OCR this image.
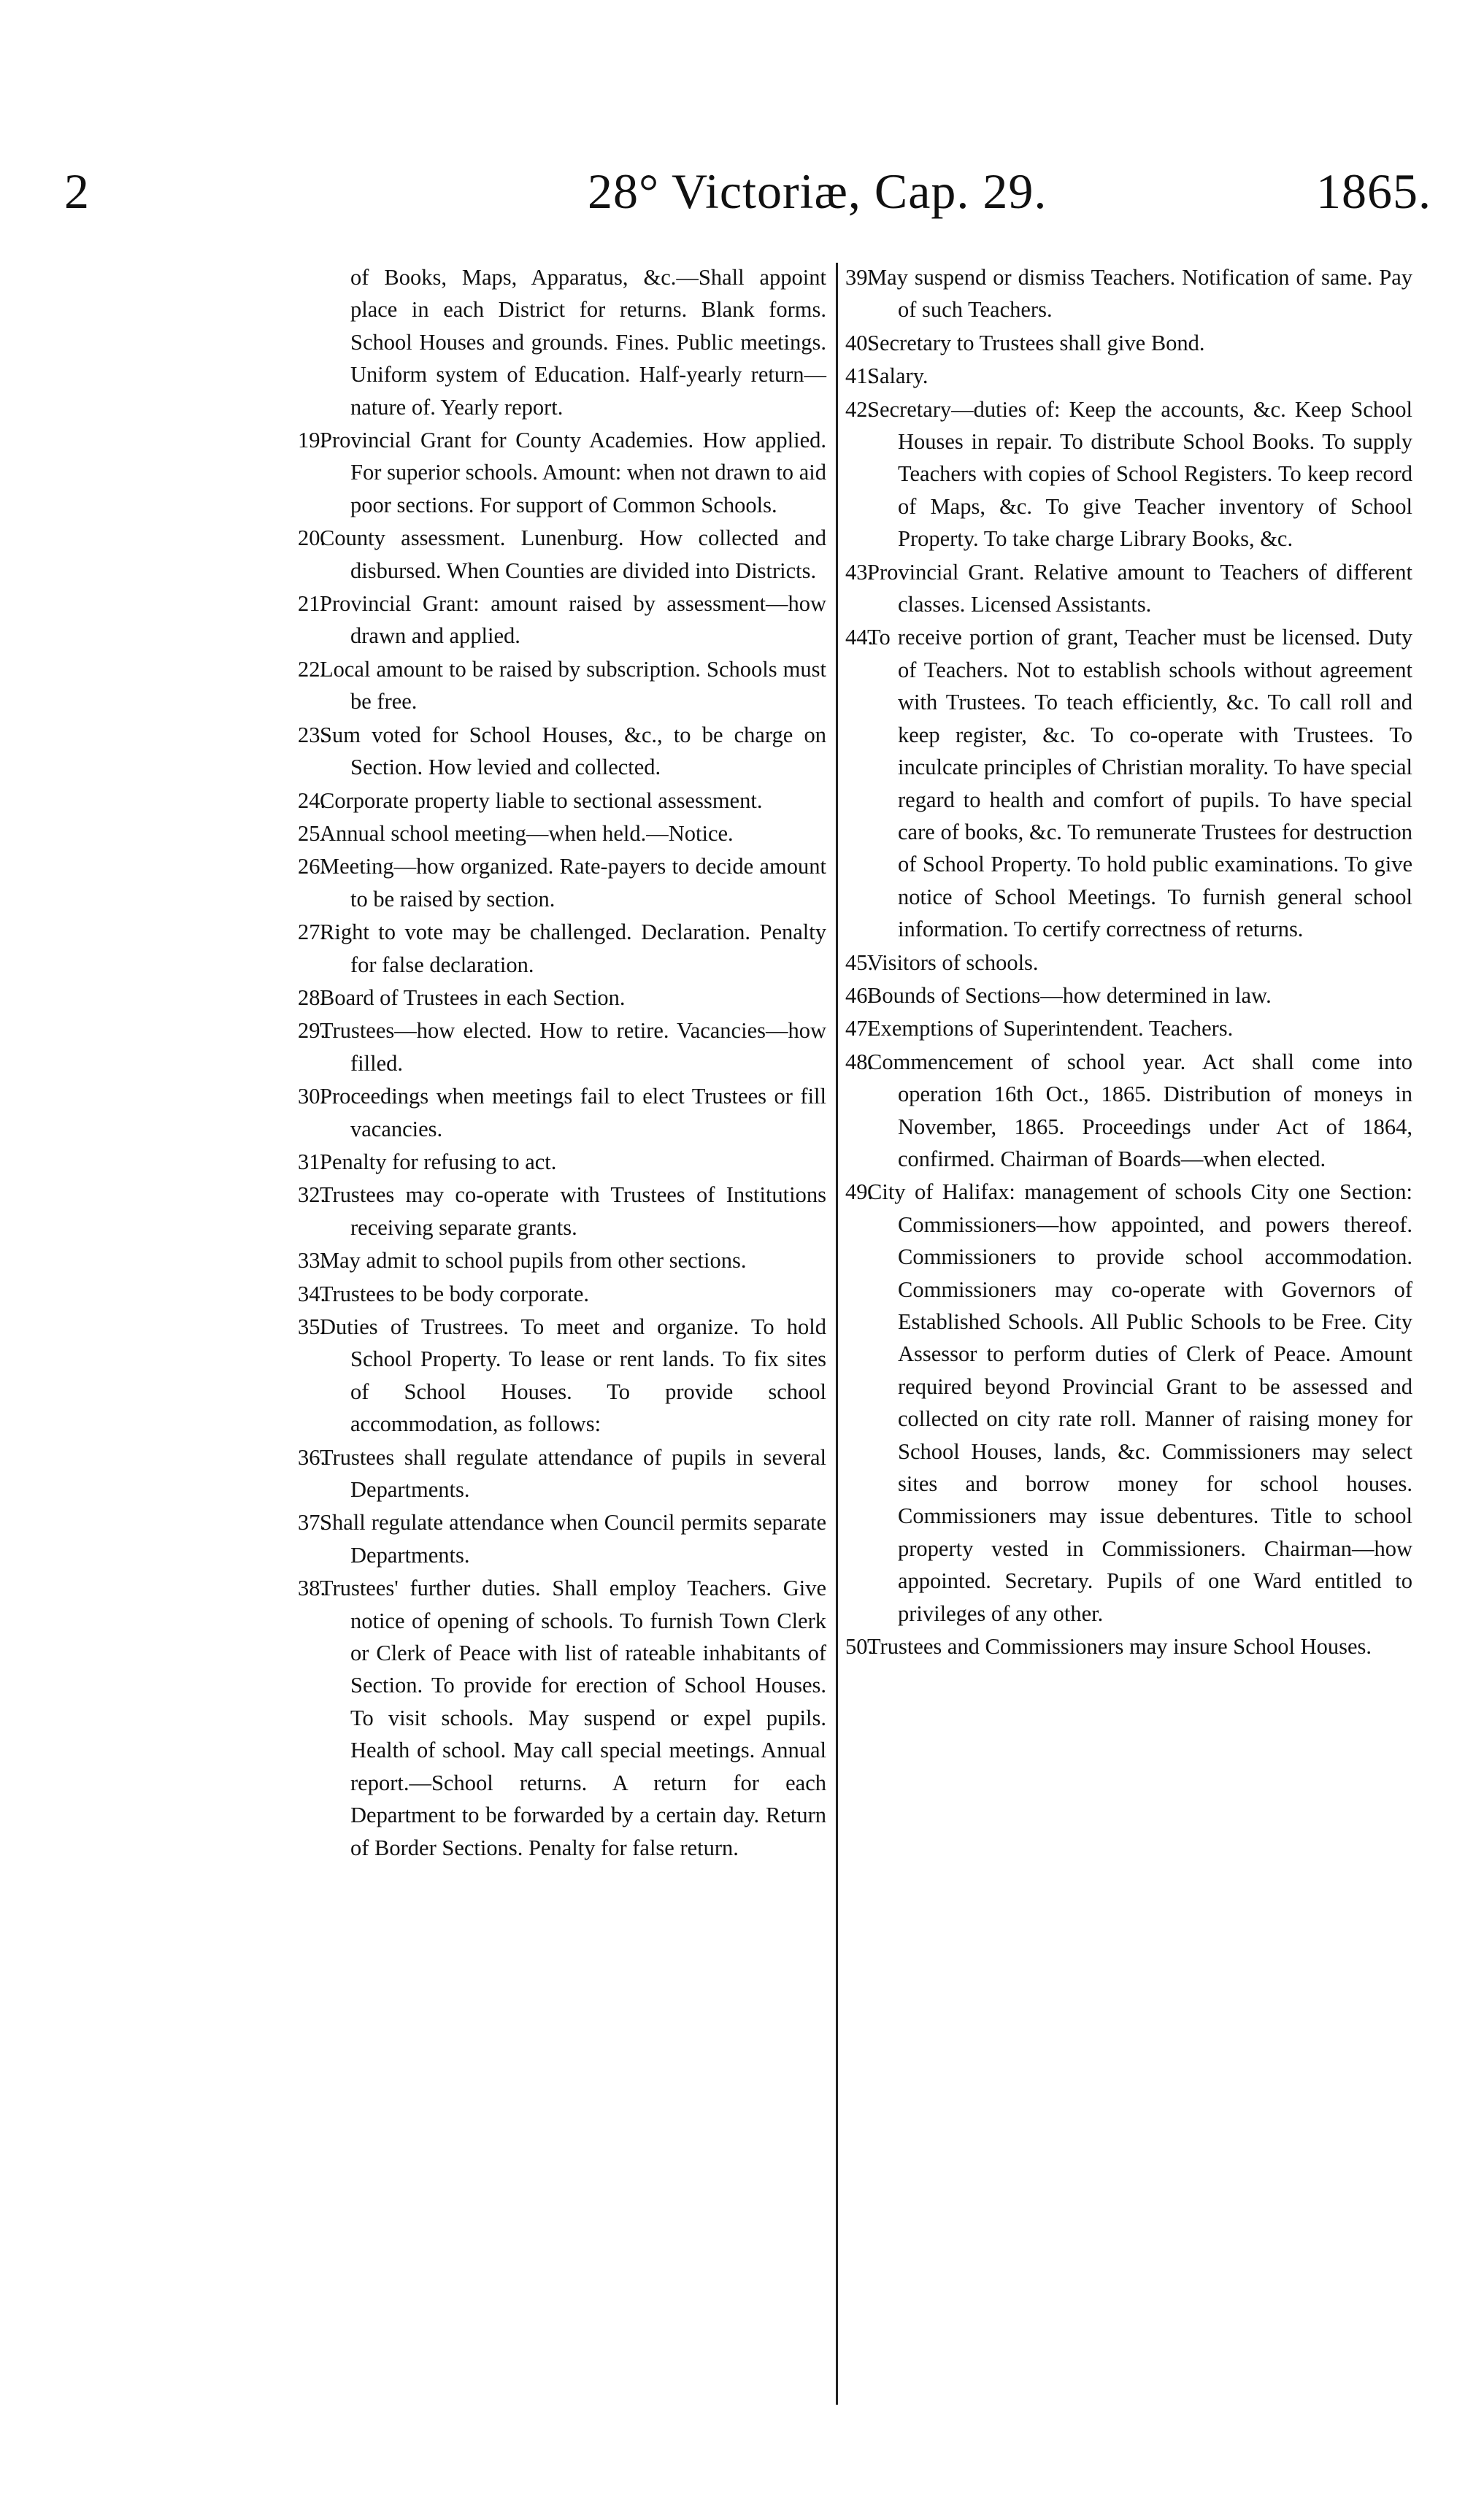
2	28° Victoriæ, Cap. 29.	1865.
of Books, Maps, Apparatus, &c.—Shall appoint place in each District for returns. Blank forms. School Houses and grounds. Fines. Public meetings. Uniform system of Education. Half-yearly return—nature of. Yearly report.
19.Provincial Grant for County Academies. How applied. For superior schools. Amount: when not drawn to aid poor sections. For support of Common Schools.
20.County assessment. Lunenburg. How collected and disbursed. When Counties are divided into Districts.
21.Provincial Grant: amount raised by assessment—how drawn and applied.
22.Local amount to be raised by subscription. Schools must be free.
23.Sum voted for School Houses, &c., to be charge on Section. How levied and collected.
24.Corporate property liable to sectional assessment.
25.Annual school meeting—when held.—Notice.
26.Meeting—how organized. Rate-payers to decide amount to be raised by section.
27.Right to vote may be challenged. Declaration. Penalty for false declaration.
28.Board of Trustees in each Section.
29.Trustees—how elected. How to retire. Vacancies—how filled.
30.Proceedings when meetings fail to elect Trustees or fill vacancies.
31.Penalty for refusing to act.
32.Trustees may co-operate with Trustees of Institutions receiving separate grants.
33.May admit to school pupils from other sections.
34.Trustees to be body corporate.
35.Duties of Trustrees. To meet and organize. To hold School Property. To lease or rent lands. To fix sites of School Houses. To provide school accommodation, as follows:
36.Trustees shall regulate attendance of pupils in several Departments.
37.Shall regulate attendance when Council permits separate Departments.
38.Trustees' further duties. Shall employ Teachers. Give notice of opening of schools. To furnish Town Clerk or Clerk of Peace with list of rateable inhabitants of Section. To provide for erection of School Houses. To visit schools. May suspend or expel pupils. Health of school. May call special meetings. Annual report.—School returns. A return for each Department to be forwarded by a certain day. Return of Border Sections. Penalty for false return.
39.May suspend or dismiss Teachers. Notification of same. Pay of such Teachers.
40.Secretary to Trustees shall give Bond.
41.Salary.
42.Secretary—duties of: Keep the accounts, &c. Keep School Houses in repair. To distribute School Books. To supply Teachers with copies of School Registers. To keep record of Maps, &c. To give Teacher inventory of School Property. To take charge Library Books, &c.
43.Provincial Grant. Relative amount to Teachers of different classes. Licensed Assistants.
44.To receive portion of grant, Teacher must be licensed. Duty of Teachers. Not to establish schools without agreement with Trustees. To teach efficiently, &c. To call roll and keep register, &c. To co-operate with Trustees. To inculcate principles of Christian morality. To have special regard to health and comfort of pupils. To have special care of books, &c. To remunerate Trustees for destruction of School Property. To hold public examinations. To give notice of School Meetings. To furnish general school information. To certify correctness of returns.
45.Visitors of schools.
46.Bounds of Sections—how determined in law.
47.Exemptions of Superintendent. Teachers.
48.Commencement of school year. Act shall come into operation 16th Oct., 1865. Distribution of moneys in November, 1865. Proceedings under Act of 1864, confirmed. Chairman of Boards—when elected.
49.City of Halifax: management of schools City one Section: Commissioners—how appointed, and powers thereof. Commissioners to provide school accommodation. Commissioners may co-operate with Governors of Established Schools. All Public Schools to be Free. City Assessor to perform duties of Clerk of Peace. Amount required beyond Provincial Grant to be assessed and collected on city rate roll. Manner of raising money for School Houses, lands, &c. Commissioners may select sites and borrow money for school houses. Commissioners may issue debentures. Title to school property vested in Commissioners. Chairman—how appointed. Secretary. Pupils of one Ward entitled to privileges of any other.
50.Trustees and Commissioners may insure School Houses.
